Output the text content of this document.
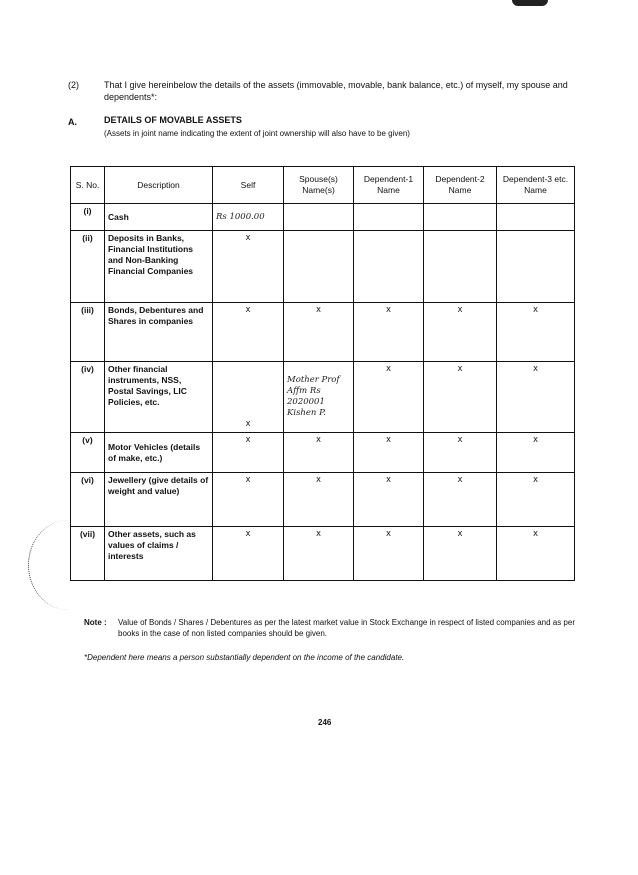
(2)	That I give hereinbelow the details of the assets (immovable, movable, bank balance, etc.) of myself, my spouse and dependents*:
A.	DETAILS OF MOVABLE ASSETS
(Assets in joint name indicating the extent of joint ownership will also have to be given)
S. No.	Description	Self	Spouse(s) Name(s)	Dependent-1 Name	Dependent-2 Name	Dependent-3 etc. Name
(i)	Cash	Rs 1000.00				
(ii)	Deposits in Banks, Financial Institutions and Non-Banking Financial Companies	x				
(iii)	Bonds, Debentures and Shares in companies	x	x	x	x	x
(iv)	Other financial instruments, NSS, Postal Savings, LIC Policies, etc.	x	Mother Prof Affm Rs 2020001 Kishen P.	x	x	x
(v)	Motor Vehicles (details of make, etc.)	x	x	x	x	x
(vi)	Jewellery (give details of weight and value)	x	x	x	x	x
(vii)	Other assets, such as values of claims / interests	x	x	x	x	x
Note : Value of Bonds / Shares / Debentures as per the latest market value in Stock Exchange in respect of listed companies and as per books in the case of non listed companies should be given.
*Dependent here means a person substantially dependent on the income of the candidate.
246
